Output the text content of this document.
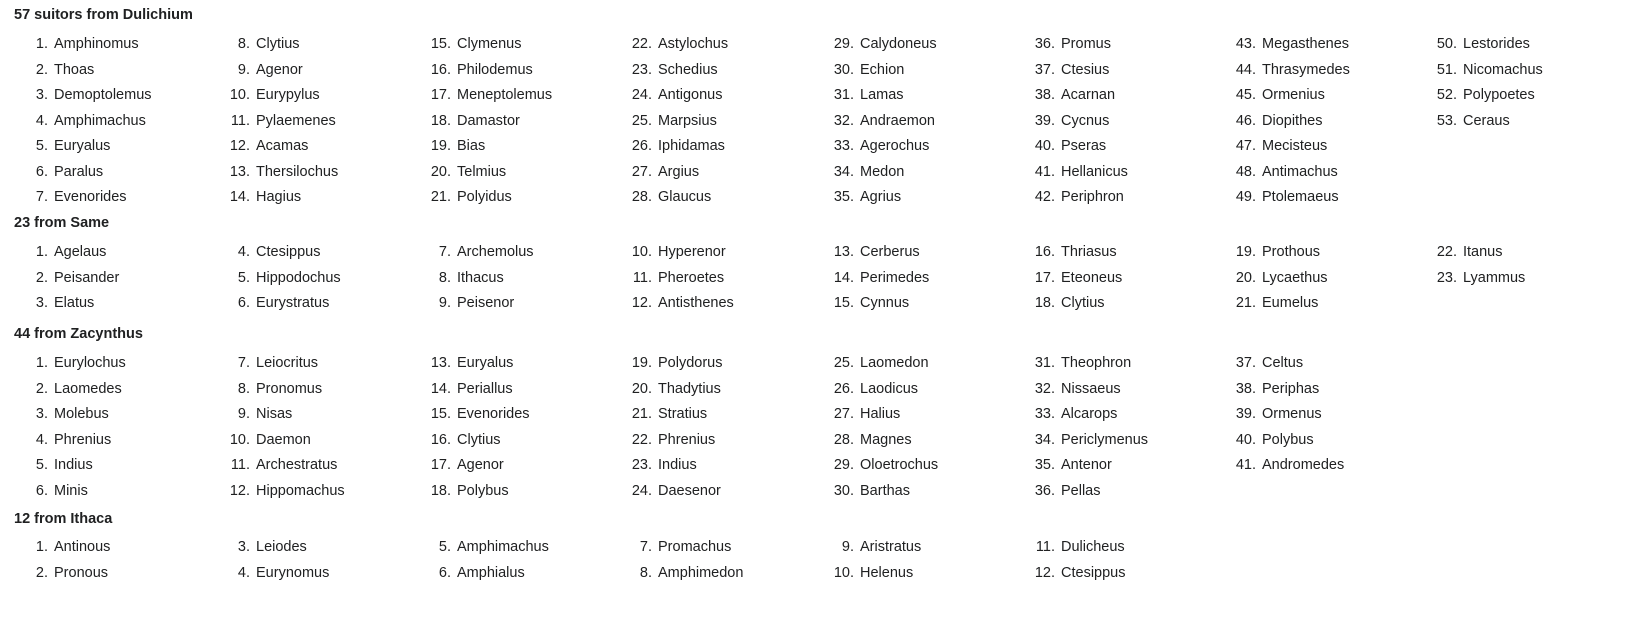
57 suitors from Dulichium
23 from Same
44 from Zacynthus
12 from Ithaca
1. Amphinomus
2. Thoas
3. Demoptolemus
4. Amphimachus
5. Euryalus
6. Paralus
7. Evenorides
8. Clytius
9. Agenor
10. Eurypylus
11. Pylaemenes
12. Acamas
13. Thersilochus
14. Hagius
15. Clymenus
16. Philodemus
17. Meneptolemus
18. Damastor
19. Bias
20. Telmius
21. Polyidus
22. Astylochus
23. Schedius
24. Antigonus
25. Marpsius
26. Iphidamas
27. Argius
28. Glaucus
29. Calydoneus
30. Echion
31. Lamas
32. Andraemon
33. Agerochus
34. Medon
35. Agrius
36. Promus
37. Ctesius
38. Acarnan
39. Cycnus
40. Pseras
41. Hellanicus
42. Periphron
43. Megasthenes
44. Thrasymedes
45. Ormenius
46. Diopithes
47. Mecisteus
48. Antimachus
49. Ptolemaeus
50. Lestorides
51. Nicomachus
52. Polypoetes
53. Ceraus
1. Agelaus
2. Peisander
3. Elatus
4. Ctesippus
5. Hippodochus
6. Eurystratus
7. Archemolus
8. Ithacus
9. Peisenor
10. Hyperenor
11. Pheroetes
12. Antisthenes
13. Cerberus
14. Perimedes
15. Cynnus
16. Thriasus
17. Eteoneus
18. Clytius
19. Prothous
20. Lycaethus
21. Eumelus
22. Itanus
23. Lyammus
1. Eurylochus
2. Laomedes
3. Molebus
4. Phrenius
5. Indius
6. Minis
7. Leiocritus
8. Pronomus
9. Nisas
10. Daemon
11. Archestratus
12. Hippomachus
13. Euryalus
14. Periallus
15. Evenorides
16. Clytius
17. Agenor
18. Polybus
19. Polydorus
20. Thadytius
21. Stratius
22. Phrenius
23. Indius
24. Daesenor
25. Laomedon
26. Laodicus
27. Halius
28. Magnes
29. Oloetrochus
30. Barthas
31. Theophron
32. Nissaeus
33. Alcarops
34. Periclymenus
35. Antenor
36. Pellas
37. Celtus
38. Periphas
39. Ormenus
40. Polybus
41. Andromedes
1. Antinous
2. Pronous
3. Leiodes
4. Eurynomus
5. Amphimachus
6. Amphialus
7. Promachus
8. Amphimedon
9. Aristratus
10. Helenus
11. Dulicheus
12. Ctesippus
